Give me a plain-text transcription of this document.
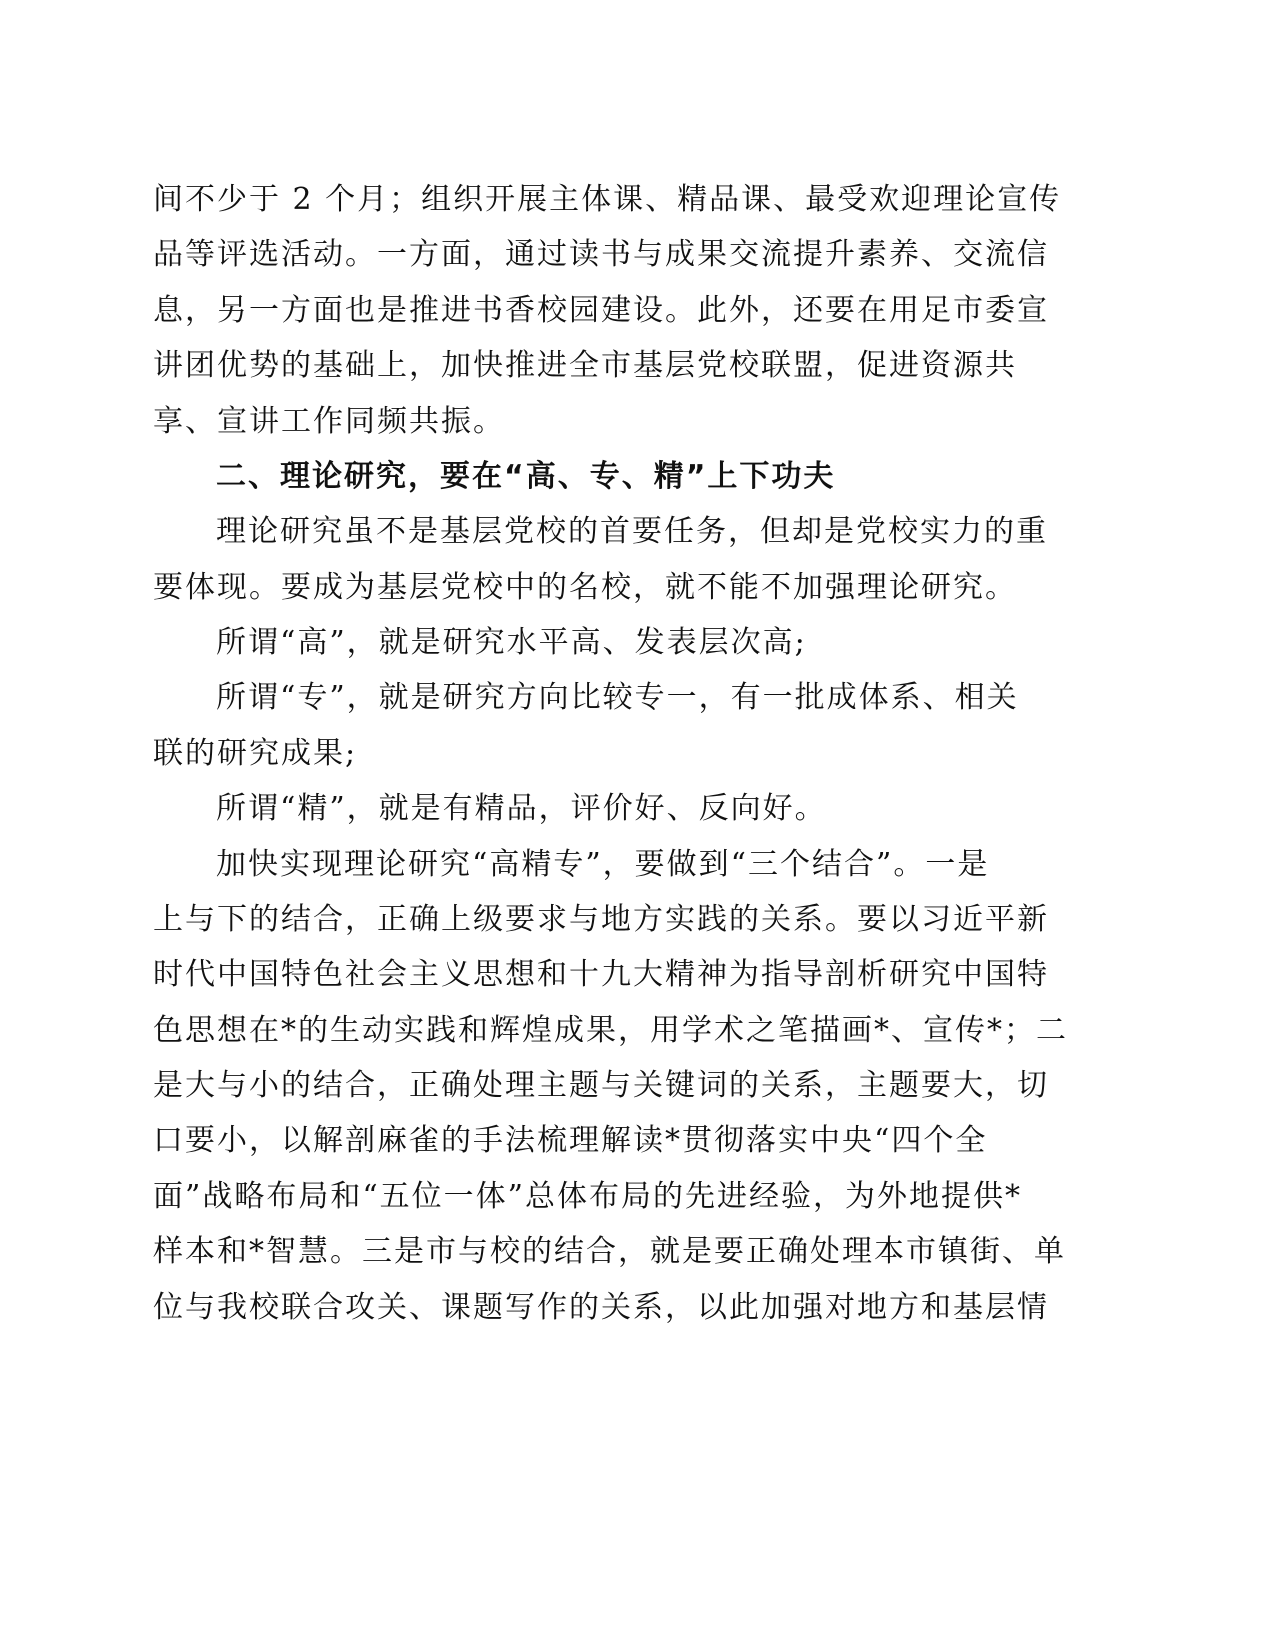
间不少于 2 个月；组织开展主体课、精品课、最受欢迎理论宣传
品等评选活动。一方面，通过读书与成果交流提升素养、交流信
息，另一方面也是推进书香校园建设。此外，还要在用足市委宣
讲团优势的基础上，加快推进全市基层党校联盟，促进资源共
享、宣讲工作同频共振。
二、理论研究，要在“高、专、精”上下功夫
理论研究虽不是基层党校的首要任务，但却是党校实力的重
要体现。要成为基层党校中的名校，就不能不加强理论研究。
所谓“高”，就是研究水平高、发表层次高;
所谓“专”，就是研究方向比较专一，有一批成体系、相关
联的研究成果;
所谓“精”，就是有精品，评价好、反向好。
加快实现理论研究“高精专”，要做到“三个结合”。一是
上与下的结合，正确上级要求与地方实践的关系。要以习近平新
时代中国特色社会主义思想和十九大精神为指导剖析研究中国特
色思想在*的生动实践和辉煌成果，用学术之笔描画*、宣传*；二
是大与小的结合，正确处理主题与关键词的关系，主题要大，切
口要小，以解剖麻雀的手法梳理解读*贯彻落实中央“四个全
面”战略布局和“五位一体”总体布局的先进经验，为外地提供*
样本和*智慧。三是市与校的结合，就是要正确处理本市镇街、单
位与我校联合攻关、课题写作的关系，以此加强对地方和基层情
